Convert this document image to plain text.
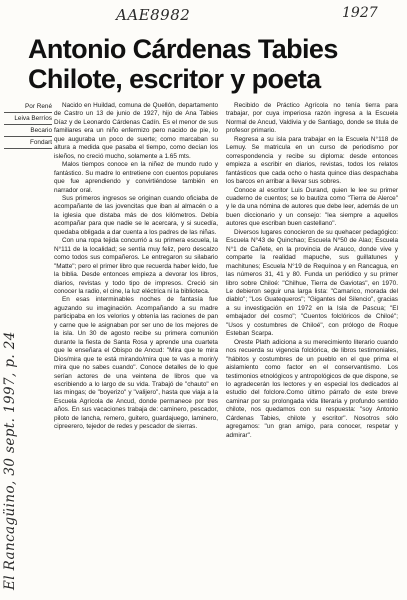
AAE8982	1927
El Rancagüino, 30 sept. 1997, p. 24
Antonio Cárdenas Tabies
Chilote, escritor y poeta
Por René
Leiva Berríos
Becario
Fondart

Nacido en Huildad, comuna de Quellón, departamento de Castro un 13 de junio de 1927, hijo de Ana Tabies Díaz y de Leonardo Cárdenas Cadín. Es el menor de sus familiares era un niño enfermizo pero nacido de pie, lo que auguraba un poco de suerte; como marcaban su altura a medida que pasaba el tiempo, como decían los isleños, no creció mucho, solamente a 1.65 mts.

Malos tiempos conoce en la niñez de mundo rudo y fantástico. Su madre lo entretiene con cuentos populares que fue aprendiendo y convirtiéndose también en narrador oral.

Sus primeros ingresos se originan cuando oficiaba de acompañante de las jovencitas que iban al almacén o a la iglesia que distaba más de dos kilómetros. Debía acompañar para que nadie se le acercara, y si sucedía, quedaba obligada a dar cuenta a los padres de las niñas.

Con una ropa tejida concurrió a su primera escuela, la N°111 de la localidad; se sentía muy feliz, pero descalzo como todos sus compañeros. Le entregaron su silabario "Matte"; pero el primer libro que recuerda haber leído, fue la biblia. Desde entonces empieza a devorar los libros, diarios, revistas y todo tipo de impresos. Creció sin conocer la radio, el cine, la luz eléctrica ni la biblioteca.

En esas interminables noches de fantasía fue aguzando su imaginación. Acompañando a su madre participaba en los velorios y obtenía las raciones de pan y carne que le asignaban por ser uno de los mejores de la isla. Un 30 de agosto recibe su primera comunión durante la fiesta de Santa Rosa y aprende una cuarteta que le enseñara el Obispo de Ancud: "Mira que te mira Dios/mira que te está mirando/mira que te vas a morir/y mira que no sabes cuando". Conoce detalles de lo que serían actores de una veintena de libros que va escribiendo a lo largo de su vida. Trabajó de "chauto" en las mingas; de "boyerizo" y "valijero", hasta que viaja a la Escuela Agrícola de Ancud, donde permanece por tres años. En sus vacaciones trabaja de: caminero, pescador, piloto de lancha, remero, guitero, guardajuego, laminero, cipreerero, tejedor de redes y pescador de sierras.

Recibido de Práctico Agrícola no tenía tierra para trabajar, por cuya imperiosa razón ingresa a la Escuela Normal de Ancud, Valdivia y de Santiago, donde se titula de profesor primario.

Regresa a su isla para trabajar en la Escuela N°118 de Lemuy. Se matricula en un curso de periodismo por correspondencia y recibe su diploma: desde entonces empieza a escribir en diarios, revistas, todos los relatos fantásticos que cada ocho o hasta quince días despachaba los barcos en arribar a llevar sus sobres.

Conoce al escritor Luis Durand, quien le lee su primer cuaderno de cuentos; se lo bautiza como "Tierra de Alerce" y le da una nómina de autores que debe leer, además de un buen diccionario y un consejo: "lea siempre a aquellos autores que escriban buen castellano".

Diversos lugares conocieron de su quehacer pedagógico: Escuela N°43 de Quinchao; Escuela N°50 de Alao; Escuela N°1 de Cañete, en la provincia de Arauco, donde vive y comparte la realidad mapuche, sus guillatunes y machitunes; Escuela N°19 de Requínoa y en Rancagua, en las números 31, 41 y 80. Funda un periódico y su primer libro sobre Chiloé: "Chilhue, Tierra de Gaviotas", en 1970. Le debieron seguir una larga lista: "Camarico, morada del diablo"; "Los Guatequeros"; "Gigantes del Silencio", gracias a su investigación en 1972 en la Isla de Pascua; "El embajador del cosmo"; "Cuentos folclóricos de Chiloé"; "Usos y costumbres de Chiloé", con prólogo de Roque Esteban Scarpa.

Oreste Plath adiciona a su merecimiento literario cuando nos recuerda su vigencia folclórica, de libros testimoniales, "hábitos y costumbres de un pueblo en el que prima el aislamiento como factor en el conservantismo. Los testimonios etnológicos y antropológicos de que dispone, se lo agradecerán los lectores y en especial los dedicados al estudio del folclore.Como último párrafo de este breve caminar por su prolongada vida literaria y profundo sentido chilote, nos quedamos con su respuesta: "soy Antonio Cárdenas Tabies, chilote y escritor". Nosotros sólo agregamos: "un gran amigo, para conocer, respetar y admirar".
